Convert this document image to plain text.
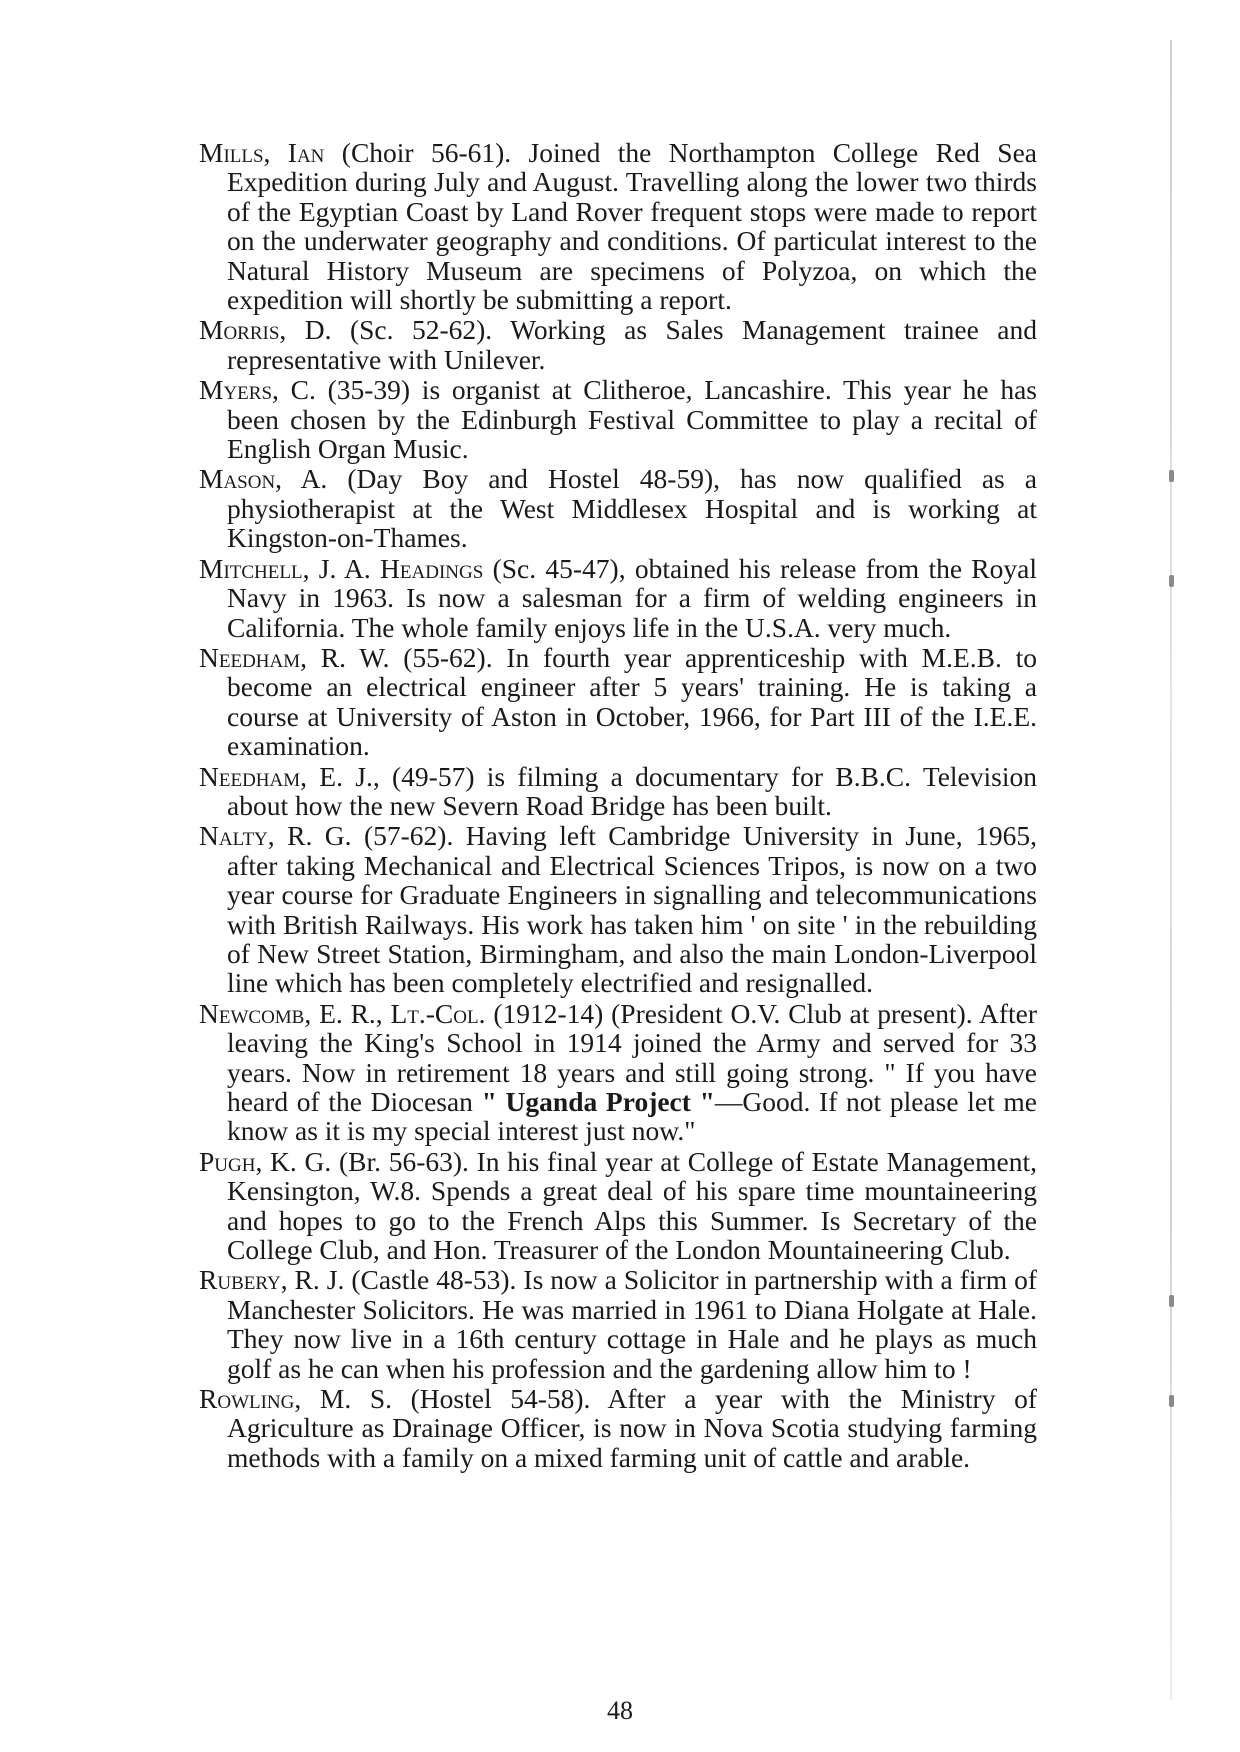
Mills, Ian (Choir 56-61). Joined the Northampton College Red Sea Expedition during July and August. Travelling along the lower two thirds of the Egyptian Coast by Land Rover frequent stops were made to report on the underwater geography and conditions. Of particulat interest to the Natural History Museum are specimens of Polyzoa, on which the expedition will shortly be submitting a report.

Morris, D. (Sc. 52-62). Working as Sales Management trainee and representative with Unilever.

Myers, C. (35-39) is organist at Clitheroe, Lancashire. This year he has been chosen by the Edinburgh Festival Committee to play a recital of English Organ Music.

Mason, A. (Day Boy and Hostel 48-59), has now qualified as a physiotherapist at the West Middlesex Hospital and is working at Kingston-on-Thames.

Mitchell, J. A. Headings (Sc. 45-47), obtained his release from the Royal Navy in 1963. Is now a salesman for a firm of welding engineers in California. The whole family enjoys life in the U.S.A. very much.

Needham, R. W. (55-62). In fourth year apprenticeship with M.E.B. to become an electrical engineer after 5 years' training. He is taking a course at University of Aston in October, 1966, for Part III of the I.E.E. examination.

Needham, E. J., (49-57) is filming a documentary for B.B.C. Television about how the new Severn Road Bridge has been built.

Nalty, R. G. (57-62). Having left Cambridge University in June, 1965, after taking Mechanical and Electrical Sciences Tripos, is now on a two year course for Graduate Engineers in signalling and telecommunications with British Railways. His work has taken him ' on site ' in the rebuilding of New Street Station, Birmingham, and also the main London-Liverpool line which has been completely electrified and resignalled.

Newcomb, E. R., Lt.-Col. (1912-14) (President O.V. Club at present). After leaving the King's School in 1914 joined the Army and served for 33 years. Now in retirement 18 years and still going strong. " If you have heard of the Diocesan " Uganda Project "—Good. If not please let me know as it is my special interest just now."

Pugh, K. G. (Br. 56-63). In his final year at College of Estate Management, Kensington, W.8. Spends a great deal of his spare time mountaineering and hopes to go to the French Alps this Summer. Is Secretary of the College Club, and Hon. Treasurer of the London Mountaineering Club.

Rubery, R. J. (Castle 48-53). Is now a Solicitor in partnership with a firm of Manchester Solicitors. He was married in 1961 to Diana Holgate at Hale. They now live in a 16th century cottage in Hale and he plays as much golf as he can when his profession and the gardening allow him to !

Rowling, M. S. (Hostel 54-58). After a year with the Ministry of Agriculture as Drainage Officer, is now in Nova Scotia studying farming methods with a family on a mixed farming unit of cattle and arable.

48
